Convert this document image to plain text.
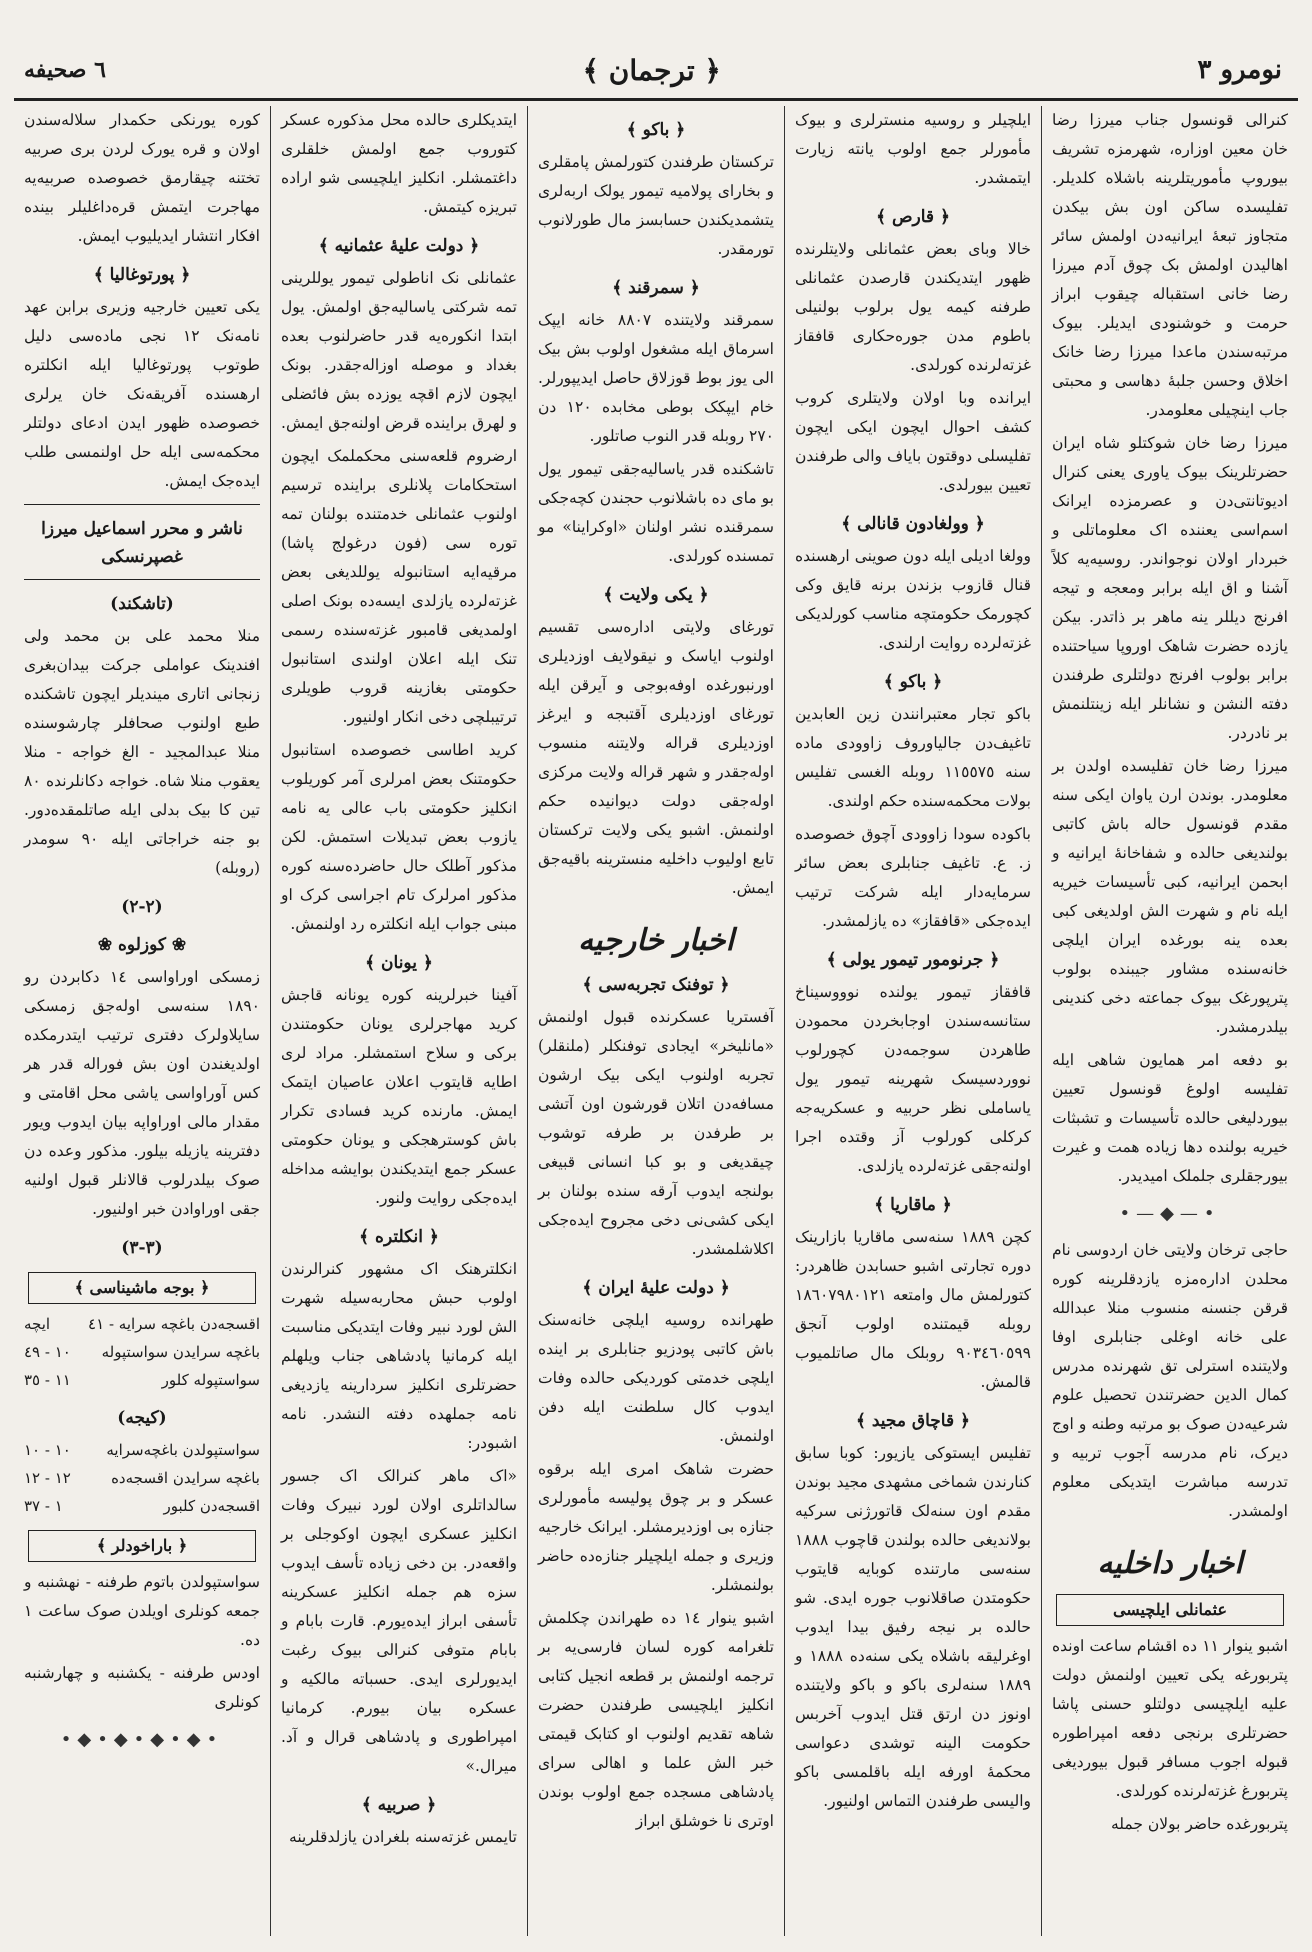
نومرو ٣
﴿ ترجمان ﴾
٦ صحيفه
کنرالی قونسول جناب میرزا رضا خان معین اوزاره، شهرمزه تشریف بیوروپ مأموریتلرینه باشلاه کلدیلر. تفلیسده ساکن اون بش بیکدن متجاوز تبعهٔ ایرانیه‌دن اولمش سائر اهالیدن اولمش بک چوق آدم میرزا رضا خانی استقباله چیقوب ابراز حرمت و خوشنودی ایدیلر. بیوک مرتبه‌سندن ماعدا میرزا رضا خانک اخلاق وحسن جلبهٔ دهاسی و محبتی جاب اینچیلی معلومدر.
میرزا رضا خان شوکتلو شاه ایران حضرتلرینک بیوک یاوری یعنی کنرال ادیوتانتی‌دن و عصرمزده ایرانک اسم‌اسی یعننده اک معلوماتلی و خبردار اولان نوجواندر. روسیه‌یه کلاً آشنا و اق ایله برابر ومعجه و تیجه افرنج دیللر ینه ماهر بر ذاتدر. بیکن یازده حضرت شاهک اوروپا سیاحتنده برابر بولوب افرنج دولتلری طرفندن دفته النشن و نشانلر ایله زینتلنمش بر نادردر.
میرزا رضا خان تفلیسده اولدن بر معلومدر. بوندن ارن یاوان ایکی سنه مقدم قونسول حاله باش کاتبی بولندیغی حالده و شفاخانهٔ ایرانیه و ابحمن ایرانیه، کبی تأسیسات خیریه ایله نام و شهرت الش اولدیغی کبی بعده ینه بورغده ایران ایلچی خانه‌سنده مشاور جیبنده بولوب پترپورغک بیوک جماعته دخی کندینی بیلدرمشدر.
بو دفعه امر همایون شاهی ایله تفلیسه اولوغ قونسول تعیین بیوردلیغی حالده تأسیسات و تشبثات خیریه بولنده دها زیاده همت و غیرت بیورجقلری جلملک امیدیدر.
•—◆—•
حاجی ترخان ولایتی خان اردوسی نام محلدن اداره‌مزه یازدقلرینه کوره قرقن جنسنه منسوب منلا عبدالله علی خانه اوغلی جنابلری اوفا ولایتنده استرلی تق شهرنده مدرس کمال الدین حضرتندن تحصیل علوم شرعیه‌دن صوک بو مرتبه وطنه و اوج دیرک، نام مدرسه آجوب تربیه و تدرسه مباشرت ایتدیکی معلوم اولمشدر.
اخبار داخلیه
عثمانلی ایلچیسی
اشبو ینوار ١١ ده اقشام ساعت اونده پتربورغه یکی تعیین اولنمش دولت علیه ایلچیسی دولتلو حسنی پاشا حضرتلری برنجی دفعه امپراطوره قبوله اجوب مسافر قبول بیوردیغی پتربورغ غزته‌لرنده کورلدی.
پتربورغده حاضر بولان جمله
ایلچیلر و روسیه منسترلری و بیوک مأمورلر جمع اولوب یانته زیارت ایتمشدر.
﴿ قارص ﴾
خالا وبای بعض عثمانلی ولایتلرنده ظهور ایتدیکندن قارصدن عثمانلی طرفنه کیمه یول برلوب بولنیلی باطوم مدن جوره‌حکاری قافقاز غزته‌لرنده کورلدی.
ایرانده وبا اولان ولایتلری کروب کشف احوال ایچون ایکی ایچون تفلیسلی دوقتون بایاف والی طرفندن تعیین بیورلدی.
﴿ وولغادون قانالی ﴾
وولغا ادیلی ایله دون صوینی ارهسنده قنال قازوب بزندن برنه قایق وکی کچورمک حکومتچه مناسب کورلدیکی غزته‌لرده روایت ارلندی.
﴿ باکو ﴾
باکو تجار معتبرانندن زین العابدین تاغیف‌دن جالیاوروف زاوودی ماده سنه ١١٥٥٧٥ روبله الغسی تفلیس بولات محکمه‌سنده حکم اولندی.
باکوده سودا زاوودی آچوق خصوصده ز. ع. تاغیف جنابلری بعض سائر سرمایه‌دار ایله شرکت ترتیب ایده‌جکی «قافقاز» ده یازلمشدر.
﴿ جرنومور تیمور یولی ﴾
قافقاز تیمور یولنده نووو‌سیناخ ستانسه‌سندن اوجابخردن محمودن طاهردن سوجمه‌دن کچورلوب نوورد‌سیسک شهرینه تیمور یول یاساملی نظر حربیه و عسکریه‌جه کرکلی کورلوب آز وقتده اجرا اولنه‌جقی غزته‌لرده یازلدی.
﴿ ماقاریا ﴾
کچن ١٨٨٩ سنه‌سی ماقاریا بازارینک دوره تجارتی اشبو حسابدن ظاهردر: کتورلمش مال وامتعه ١٨٦٠٧٩٨٠١٢١ روبله قیمتنده اولوب آنجق ٩٠٣٤٦٠٥٩٩ روبلک مال صاتلمیوب قالمش.
﴿ قاچاق مجید ﴾
تفلیس ایستوکی یازیور: کوبا سابق کنارندن شماخی مشهدی مجید بوندن مقدم اون سنه‌لک قاتورژنی سرکیه بولاندیغی حالده بولندن قاچوب ١٨٨٨ سنه‌سی مارتنده کوبایه قایتوب حکومتدن صاقلانوب جوره ایدی. شو حالده بر نیجه رفیق بیدا ایدوب اوغرلیقه باشلاه یکی سنه‌ده ١٨٨٨ و ١٨٨٩ سنه‌لری باکو و باکو ولایتنده اونوز دن ارتق قتل ایدوب آخربس حکومت الینه توشدی دعواسی محکمهٔ اورفه ایله باقلمسی باکو والیسی طرفندن التماس اولنیور.
﴿ باکو ﴾
ترکستان طرفندن کتورلمش پامقلری و بخارای پولامیه تیمور یولک اربه‌لری یتشمدیکندن حسابسز مال طورلانوب تورمقدر.
﴿ سمرقند ﴾
سمرقند ولایتنده ٨٨٠٧ خانه ایپک اسرماق ایله مشغول اولوب بش بیک الی یوز بوط قوزلاق حاصل ایدیپورلر. خام ایپکک بوطی مخابده ١٢٠ دن ٢٧٠ روبله قدر النوب صاتلور.
تاشکنده قدر یاسالیه‌جقی تیمور یول بو مای ده باشلانوب حجندن کچه‌جکی سمرقنده نشر اولنان «اوکراینا» مو تمسنده کورلدی.
﴿ یکی ولایت ﴾
تورغای ولایتی اداره‌سی تقسیم اولنوب ایاسک و نیقولایف اوزدیلری اورنبورغده اوفه‌بوجی و آیرقن ایله تورغای اوزدیلری آقتبجه و ایرغز اوزدیلری قراله ولایتنه منسوب اوله‌جقدر و شهر قراله ولایت مرکزی اوله‌جقی دولت دیوانیده حکم اولنمش. اشبو یکی ولایت ترکستان تابع اولیوب داخلیه منسترینه باقیه‌جق ایمش.
اخبار خارجیه
﴿ توفنک تجربه‌سی ﴾
آفستریا عسکرنده قبول اولنمش «مانلیخر» ایجادی توفنکلر (ملنقلر) تجربه اولنوب ایکی بیک ارشون مسافه‌دن اتلان قورشون اون آتشی بر طرفدن بر طرفه توشوب چیقدیغی و بو کبا انسانی قبیغی بولنجه ایدوب آرقه سنده بولنان بر ایکی کشی‌نی دخی مجروح ایده‌جکی اکلاشلمشدر.
﴿ دولت علیهٔ ایران ﴾
طهرانده روسیه ایلچی خانه‌سنک باش کاتبی پودزیو جنابلری بر اینده ایلچی خدمتی کوردیکی حالده وفات ایدوب کال سلطنت ایله دفن اولنمش.
حضرت شاهک امری ایله برقوه عسکر و بر چوق پولیسه مأمورلری جنازه بی اوزدیرمشلر. ایرانک خارجیه وزیری و جمله ایلچیلر جنازه‌ده حاضر بولنمشلر.
اشبو ینوار ١٤ ده طهراندن چکلمش تلغرامه کوره لسان فارسی‌یه بر ترجمه اولنمش بر قطعه انجیل کتابی انکلیز ایلچیسی طرفندن حضرت شاهه تقدیم اولنوب او کتابک قیمتی خبر الش علما و اهالی سرای پادشاهی مسجده جمع اولوب بوندن اوتری نا خوشلق ابراز
ایتدیکلری حالده محل مذکوره عسکر کتوروب جمع اولمش خلقلری داغتمشلر. انکلیز ایلچیسی شو اراده تبریزه کیتمش.
﴿ دولت علیهٔ عثمانیه ﴾
عثمانلی نک اناطولی تیمور یوللرینی تمه شرکتی یاسالیه‌جق اولمش. یول ابتدا انکوره‌یه قدر حاضرلنوب بعده بغداد و موصله اوزاله‌جقدر. بونک ایچون لازم اقچه یوزده بش فائضلی و لهرق براینده قرض اولنه‌جق ایمش.
ارضروم قلعه‌سنی محکملمک ایچون استحکامات پلانلری براینده ترسیم اولنوب عثمانلی خدمتنده بولنان تمه توره سی (فون درغولج پاشا) مرقیه‌ایه استانبوله یوللدیغی بعض غزته‌لرده یازلدی ایسه‌ده بونک اصلی اولمدیغی قامبور غزته‌سنده رسمی تنک ایله اعلان اولندی استانبول حکومتی بغازینه قروب طویلری ترتیبلچی دخی انکار اولنیور.
کرید اطاسی خصوصده استانبول حکومتنک بعض امرلری آمر کوریلوب انکلیز حکومتی باب عالی یه نامه یازوب بعض تبدیلات استمش. لکن مذکور آطلک حال حاضرده‌سنه کوره مذکور امرلرک تام اجراسی کرک او مبنی جواب ایله انکلتره رد اولنمش.
﴿ یونان ﴾
آفینا خبرلرینه کوره یونانه قاجش کرید مهاجرلری یونان حکومتندن برکی و سلاح استمشلر. مراد لری اطایه قایتوب اعلان عاصیان ایتمک ایمش. مارنده کرید فسادی تکرار باش کوسترهجکی و یونان حکومتی عسکر جمع ایتدیکندن بوایشه مداخله ایده‌جکی روایت ولنور.
﴿ انکلتره ﴾
انکلترهنک اک مشهور کنرالرندن اولوب حبش محاربه‌سیله شهرت الش لورد نبیر وفات ایتدیکی مناسبت ایله کرمانیا پادشاهی جناب ویلهلم حضرتلری انکلیز سردارینه یازدیغی نامه جملهده دفته النشدر. نامه اشبودر:
«اک ماهر کنرالک اک جسور سالداتلری اولان لورد نبیرک وفات انکلیز عسکری ایچون اوکوجلی بر واقعه‌در. بن دخی زیاده تأسف ایدوب سزه هم جمله انکلیز عسکرینه تأسفی ابراز ایده‌یورم. قارت بابام و بابام متوفی کنرالی بیوک رغبت ایدیورلری ایدی. حسباته مالکیه و عسکره بیان بیورم. کرمانیا امپراطوری و پادشاهی قرال و آد. میرال.»
﴿ صربیه ﴾
تایمس غزته‌سنه بلغرادن یازلدقلرینه
کوره یورنکی حکمدار سلاله‌سندن اولان و قره یورک لردن بری صربیه تختنه چیقارمق خصوصده صربیه‌یه مهاجرت ایتمش قره‌داغلیلر بینده افکار انتشار ایدیلیوب ایمش.
﴿ پورتوغالیا ﴾
یکی تعیین خارجیه وزیری برابن عهد نامه‌نک ١٢ نجی ماده‌سی دلیل طوتوب پورتوغالیا ایله انکلتره ارهسنده آفریقه‌نک خان یرلری خصوصده ظهور ایدن ادعای دولتلر محکمه‌سی ایله حل اولنمسی طلب ایده‌جک ایمش.
ناشر و محرر اسماعیل میرزا غصپرنسکی
(تاشکند)
منلا محمد علی بن محمد ولی افندینک عواملی جرکت بیدان‌بغری زنجانی اتاری میندیلر ایچون تاشکنده طبع اولنوب صحافلر چارشوسنده منلا عبدالمجید - الغ خواجه - منلا یعقوب منلا شاه. خواجه دکانلرنده ٨٠ تین کا بیک بدلی ایله صاتلمقده‌دور. بو جنه خراجاتی ایله ٩٠ سومدر (روبله)
(٢-٢)
❀ کوزلوه ❀
زمسکی اوراواسی ١٤ دکابردن رو ١٨٩٠ سنه‌سی اوله‌جق زمسکی سایلاولرک دفتری ترتیب ایتدرمکده اولدیغندن اون بش فوراله قدر هر کس آوراواسی یاشی محل اقامتی و مقدار مالی اوراواپه بیان ایدوب ویور دفترینه یازیله بیلور. مذکور وعده دن صوک بیلدرلوب قالانلر قبول اولنیه جقی اوراوادن خبر اولنیور.
(٣-٣)
﴿ بوجه ماشیناسی ﴾
اقسجه‌دن باغچه سرایه - ٤١
ایچه
باغچه سرایدن سواستپوله
١٠ - ٤٩
سواستپوله کلور
١١ - ٣٥
(کیجه)
سواستپولدن باغچه‌سرایه
١٠ - ١٠
باغچه سرایدن اقسجه‌ده
١٢ - ١٢
اقسجه‌دن کلبور
١ - ٣٧
﴿ باراخودلر ﴾
سواستپولدن باتوم طرفنه - نهشنبه و جمعه کونلری اویلدن صوک ساعت ١ ده.
اودس طرفنه - یکشنبه و چهارشنبه کونلری
•◆•◆•◆•◆•
